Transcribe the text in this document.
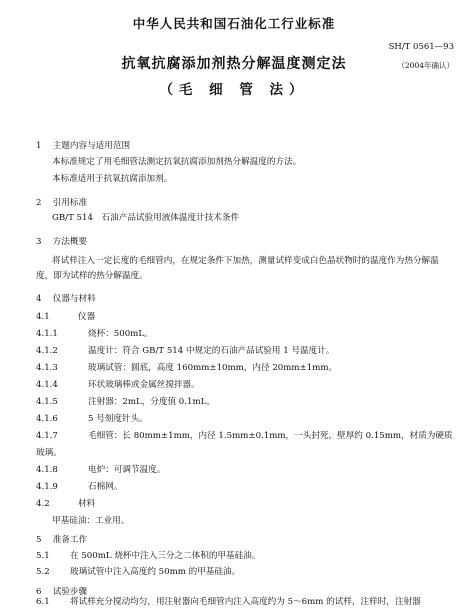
中华人民共和国石油化工行业标准
SH/T 0561—93
（2004年确认）
抗氧抗腐添加剂热分解温度测定法
（毛 细 管 法）
1 主题内容与适用范围
本标准规定了用毛细管法测定抗氧抗腐添加剂热分解温度的方法。
本标准适用于抗氧抗腐添加剂。
2 引用标准
GB/T 514　石油产品试验用液体温度计技术条件
3 方法概要
将试样注入一定长度的毛细管内，在规定条件下加热，测量试样变成白色晶状物时的温度作为热分解温度，即为试样的热分解温度。
4 仪器与材料
4.1	仪器
4.1.1	烧杯：500mL。
4.1.2	温度计：符合 GB/T 514 中规定的石油产品试验用 1 号温度计。
4.1.3	玻璃试管：圆底，高度 160mm±10mm，内径 20mm±1mm。
4.1.4	环状玻璃棒或金属丝搅拌器。
4.1.5	注射器：2mL，分度值 0.1mL。
4.1.6	5 号刻度针头。
4.1.7	毛细管：长 80mm±1mm，内径 1.5mm±0.1mm，一头封死，壁厚约 0.15mm，材质为硬质
玻璃。
4.1.8	电炉：可调节温度。
4.1.9	石棉网。
4.2	材料
甲基硅油：工业用。
5 准备工作
5.1 在 500mL 烧杯中注入三分之二体积的甲基硅油。
5.2 玻璃试管中注入高度约 50mm 的甲基硅油。
6 试验步骤
6.1 将试样充分搅动均匀，用注射器向毛细管内注入高度约为 5～6mm 的试样，注样时，注射器
